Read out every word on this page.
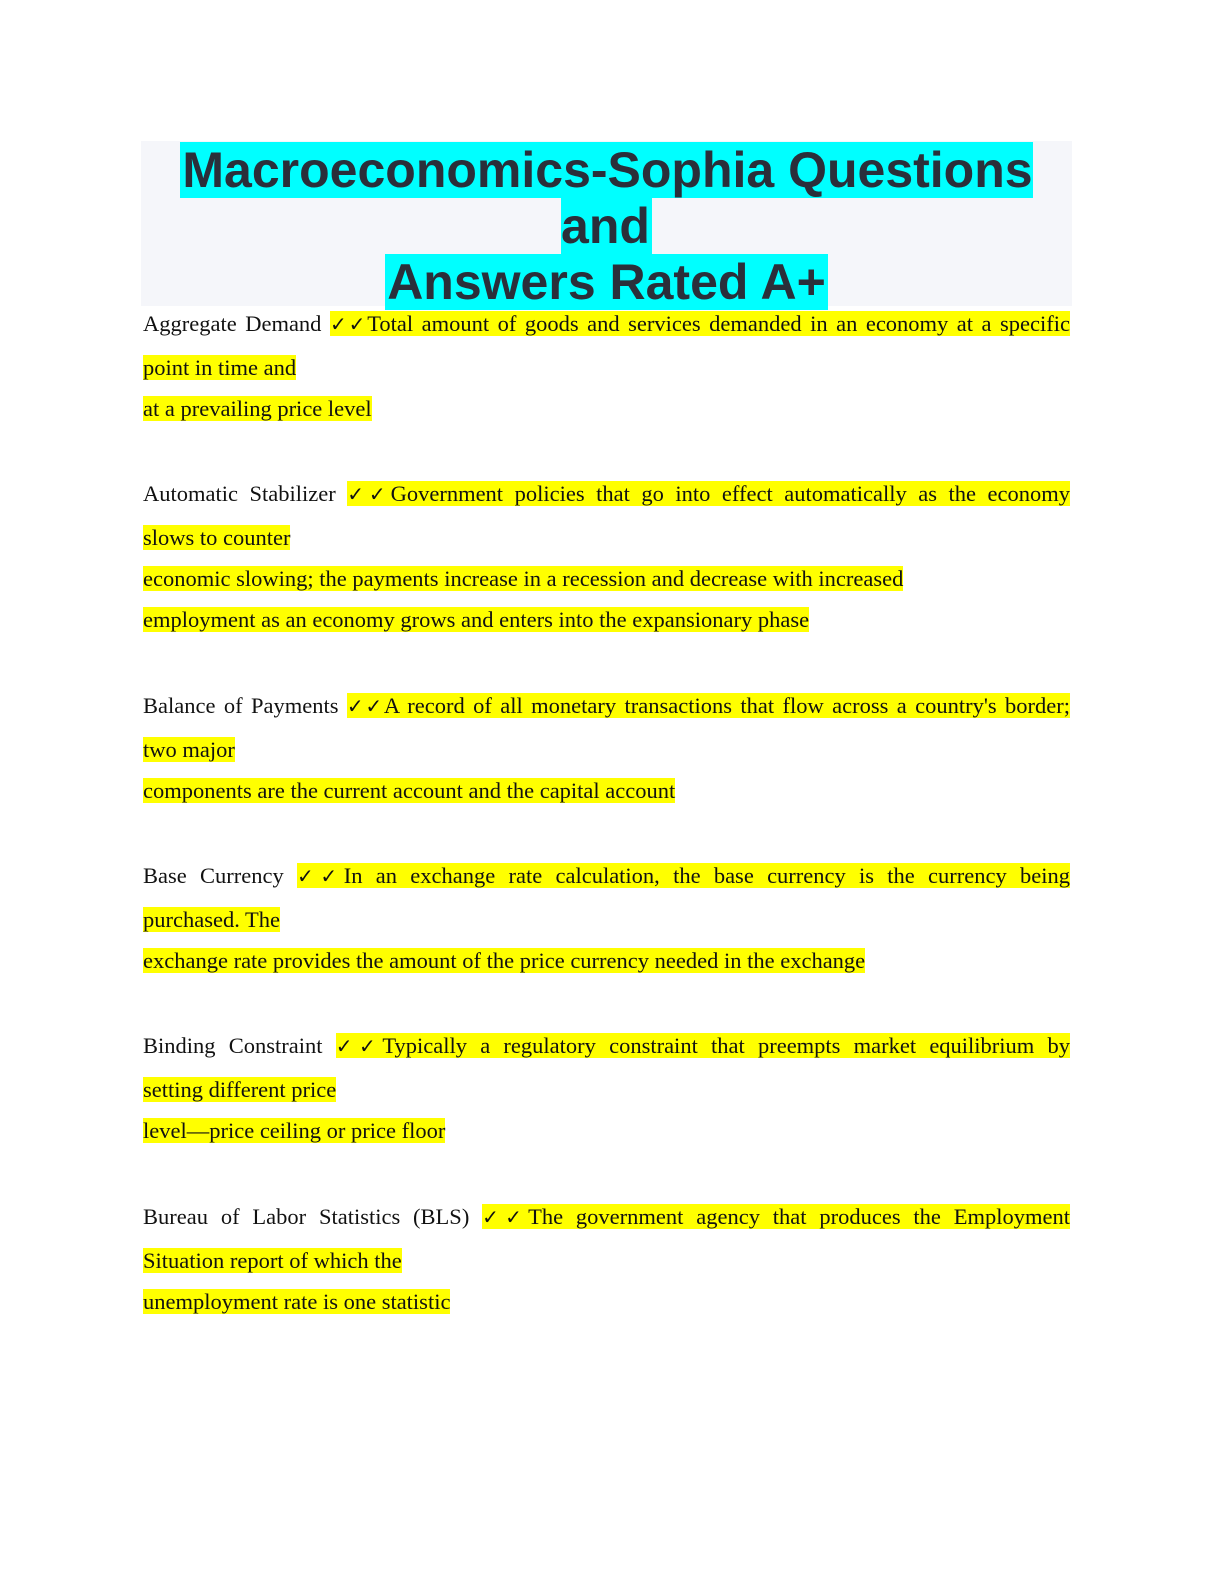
Macroeconomics-Sophia Questions and
Answers Rated A+
Aggregate Demand ✓✓Total amount of goods and services demanded in an economy at a specific
point in time and
at a prevailing price level
Automatic Stabilizer ✓✓Government policies that go into effect automatically as the economy
slows to counter
economic slowing; the payments increase in a recession and decrease with increased
employment as an economy grows and enters into the expansionary phase
Balance of Payments ✓✓A record of all monetary transactions that flow across a country's border;
two major
components are the current account and the capital account
Base Currency ✓✓In an exchange rate calculation, the base currency is the currency being
purchased. The
exchange rate provides the amount of the price currency needed in the exchange
Binding Constraint ✓✓Typically a regulatory constraint that preempts market equilibrium by
setting different price
level—price ceiling or price floor
Bureau of Labor Statistics (BLS) ✓✓The government agency that produces the Employment
Situation report of which the
unemployment rate is one statistic
